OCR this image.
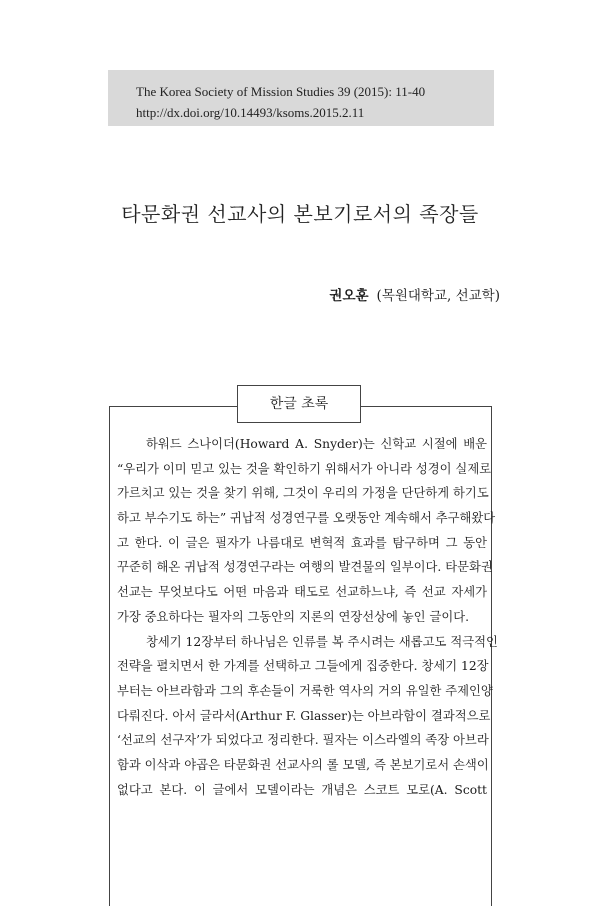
The Korea Society of Mission Studies 39 (2015): 11-40
http://dx.doi.org/10.14493/ksoms.2015.2.11
타문화권 선교사의 본보기로서의 족장들
권오훈 (목원대학교, 선교학)
한글 초록
하워드 스나이더(Howard A. Snyder)는 신학교 시절에 배운
“우리가 이미 믿고 있는 것을 확인하기 위해서가 아니라 성경이 실제로
가르치고 있는 것을 찾기 위해, 그것이 우리의 가정을 단단하게 하기도
하고 부수기도 하는” 귀납적 성경연구를 오랫동안 계속해서 추구해왔다
고 한다. 이 글은 필자가 나름대로 변혁적 효과를 탐구하며 그 동안
꾸준히 해온 귀납적 성경연구라는 여행의 발견물의 일부이다. 타문화권
선교는 무엇보다도 어떤 마음과 태도로 선교하느냐, 즉 선교 자세가
가장 중요하다는 필자의 그동안의 지론의 연장선상에 놓인 글이다.
창세기 12장부터 하나님은 인류를 복 주시려는 새롭고도 적극적인
전략을 펼치면서 한 가계를 선택하고 그들에게 집중한다. 창세기 12장
부터는 아브라함과 그의 후손들이 거룩한 역사의 거의 유일한 주제인양
다뤄진다. 아서 글라서(Arthur F. Glasser)는 아브라함이 결과적으로
‘선교의 선구자’가 되었다고 정리한다. 필자는 이스라엘의 족장 아브라
함과 이삭과 야곱은 타문화권 선교사의 롤 모델, 즉 본보기로서 손색이
없다고 본다. 이 글에서 모델이라는 개념은 스코트 모로(A. Scott
